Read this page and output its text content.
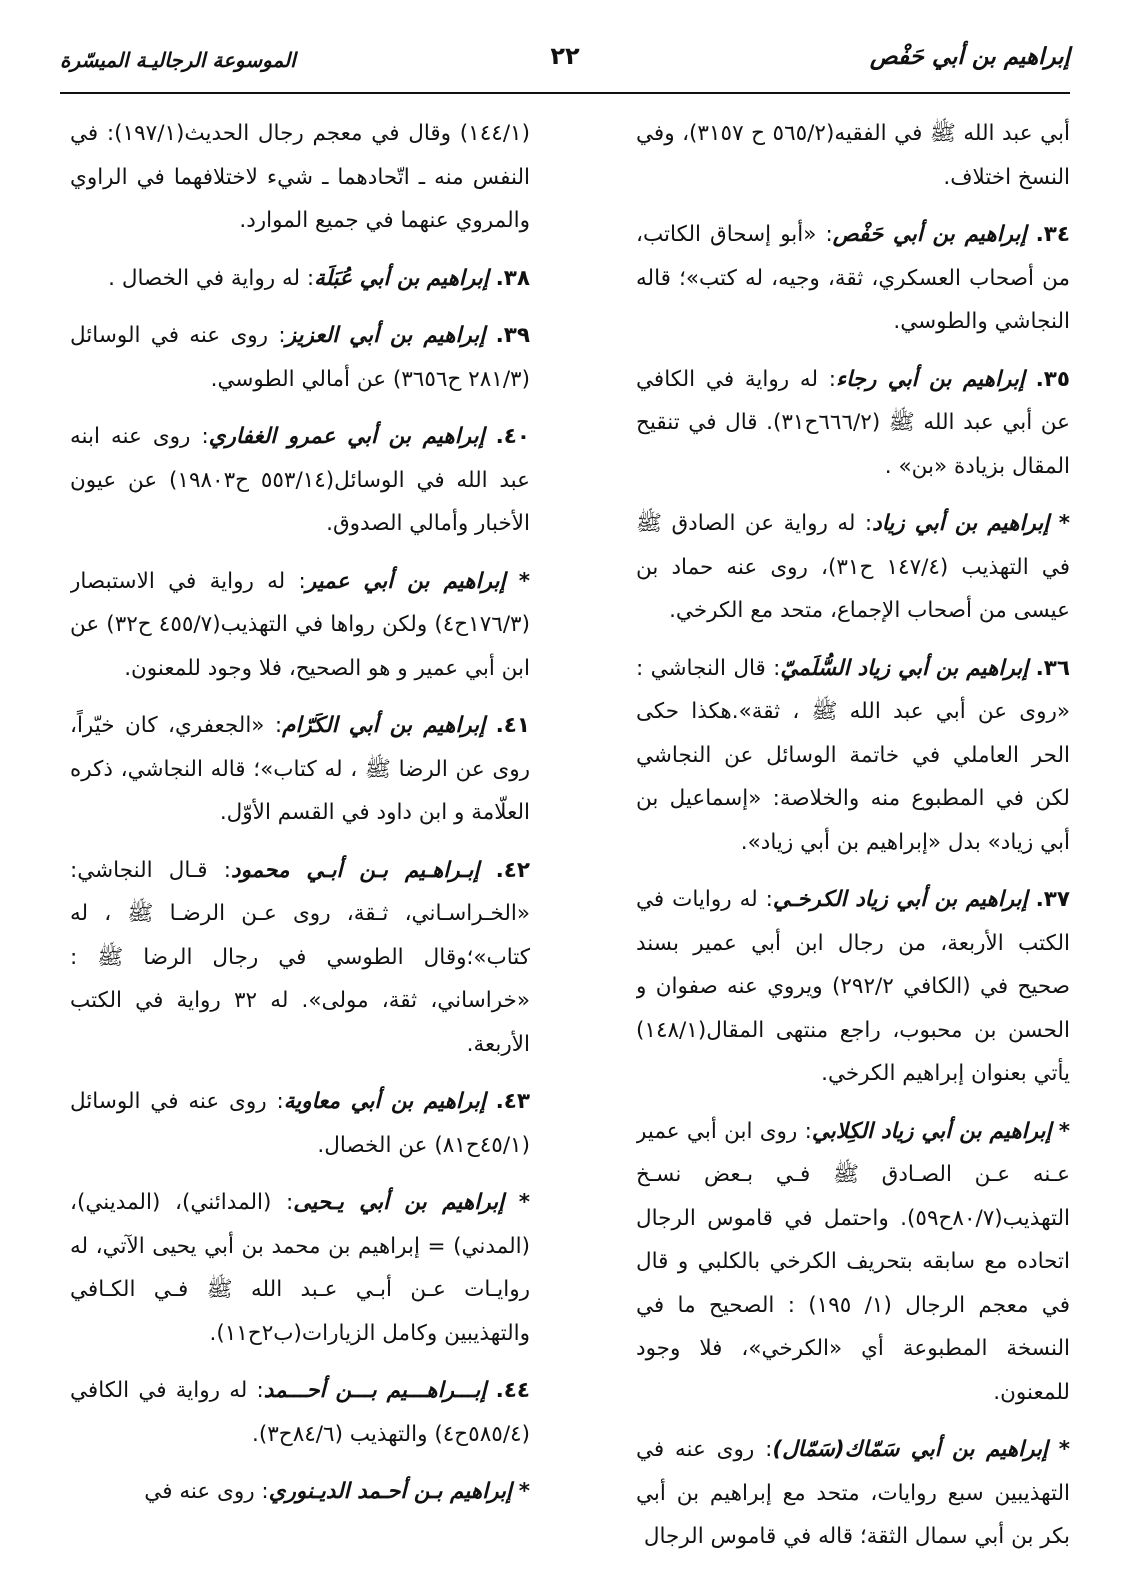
إبراهيم بن أبي حَفْص
٢٢
الموسوعة الرجاليـة الميسّرة

أبي عبد الله ﷺ في الفقيه(٥٦٥/٢ ح ٣١٥٧)، وفي النسخ اختلاف.

٣٤. إبراهيم بن أبي حَفْص: «أبو إسحاق الكاتب، من أصحاب العسكري، ثقة، وجيه، له كتب»؛ قاله النجاشي والطوسي.

٣٥. إبراهيم بن أبي رجاء: له رواية في الكافي عن أبي عبد الله ﷺ (٦٦٦/٢ح٣١). قال في تنقيح المقال بزيادة «بن» .

* إبراهيم بن أبي زياد: له رواية عن الصادق ﷺ في التهذيب (١٤٧/٤ ح٣١)، روى عنه حماد بن عيسى من أصحاب الإجماع، متحد مع الكرخي.

٣٦. إبراهيم بن أبي زياد السُّلَميّ: قال النجاشي : «روى عن أبي عبد الله ﷺ ، ثقة».هكذا حكى الحر العاملي في خاتمة الوسائل عن النجاشي لكن في المطبوع منه والخلاصة: «إسماعيل بن أبي زياد» بدل «إبراهيم بن أبي زياد».

٣٧. إبراهيم بن أبي زياد الكرخـي: له روايات في الكتب الأربعة، من رجال ابن أبي عمير بسند صحيح في (الكافي ٢٩٢/٢) ويروي عنه صفوان و الحسن بن محبوب، راجع منتهى المقال(١٤٨/١) يأتي بعنوان إبراهيم الكرخي.

* إبراهيم بن أبي زياد الكِلابي: روى ابن أبي عمير عـنه عـن الصـادق ﷺ فـي بـعض نسـخ التهذيب(٨٠/٧ح٥٩). واحتمل في قاموس الرجال اتحاده مع سابقه بتحريف الكرخي بالكلبي و قال في معجم الرجال (١/ ١٩٥) : الصحيح ما في النسخة المطبوعة أي «الكرخي»، فلا وجود للمعنون.

* إبراهيم بن أبي سَمّاك(سَمّال): روى عنه في التهذيبين سبع روايات، متحد مع إبراهيم بن أبي بكر بن أبي سمال الثقة؛ قاله في قاموس الرجال

(١٤٤/١) وقال في معجم رجال الحديث(١٩٧/١): في النفس منه ـ اتّحادهما ـ شيء لاختلافهما في الراوي والمروي عنهما في جميع الموارد.

٣٨. إبراهيم بن أبي عُبَلَة: له رواية في الخصال .

٣٩. إبراهيم بن أبي العزيز: روى عنه في الوسائل (٢٨١/٣ ح٣٦٥٦) عن أمالي الطوسي.

٤٠. إبراهيم بن أبي عمرو الغفاري: روى عنه ابنه عبد الله في الوسائل(٥٥٣/١٤ ح١٩٨٠٣) عن عيون الأخبار وأمالي الصدوق.

* إبراهيم بن أبي عمير: له رواية في الاستبصار (١٧٦/٣ح٤) ولكن رواها في التهذيب(٤٥٥/٧ ح٣٢) عن ابن أبي عمير و هو الصحيح، فلا وجود للمعنون.

٤١. إبراهيم بن أبي الكَرّام: «الجعفري، كان خيّراً، روى عن الرضا ﷺ ، له كتاب»؛ قاله النجاشي، ذكره العلّامة و ابن داود في القسم الأوّل.

٤٢. إبـراهـيم بـن أبـي محمود: قـال النجاشي: «الخـراسـاني، ثـقة، روى عـن الرضـا ﷺ ، له كتاب»؛وقال الطوسي في رجال الرضا ﷺ : «خراساني، ثقة، مولى». له ٣٢ رواية في الكتب الأربعة.

٤٣. إبراهيم بن أبي معاوية: روى عنه في الوسائل (٤٥/١ح٨١) عن الخصال.

* إبراهيم بن أبي يـحيى: (المدائني)، (المديني)، (المدني) = إبراهيم بن محمد بن أبي يحيى الآتي، له روايـات عـن أبـي عـبد الله ﷺ فـي الكـافي والتهذيبين وكامل الزيارات(ب٢ح١١).

٤٤. إبـــراهـــيم بـــن أحـــمد: له رواية في الكافي (٥٨٥/٤ح٤) والتهذيب (٨٤/٦ح٣).

* إبراهيم بـن أحـمد الديـنوري: روى عنه في
